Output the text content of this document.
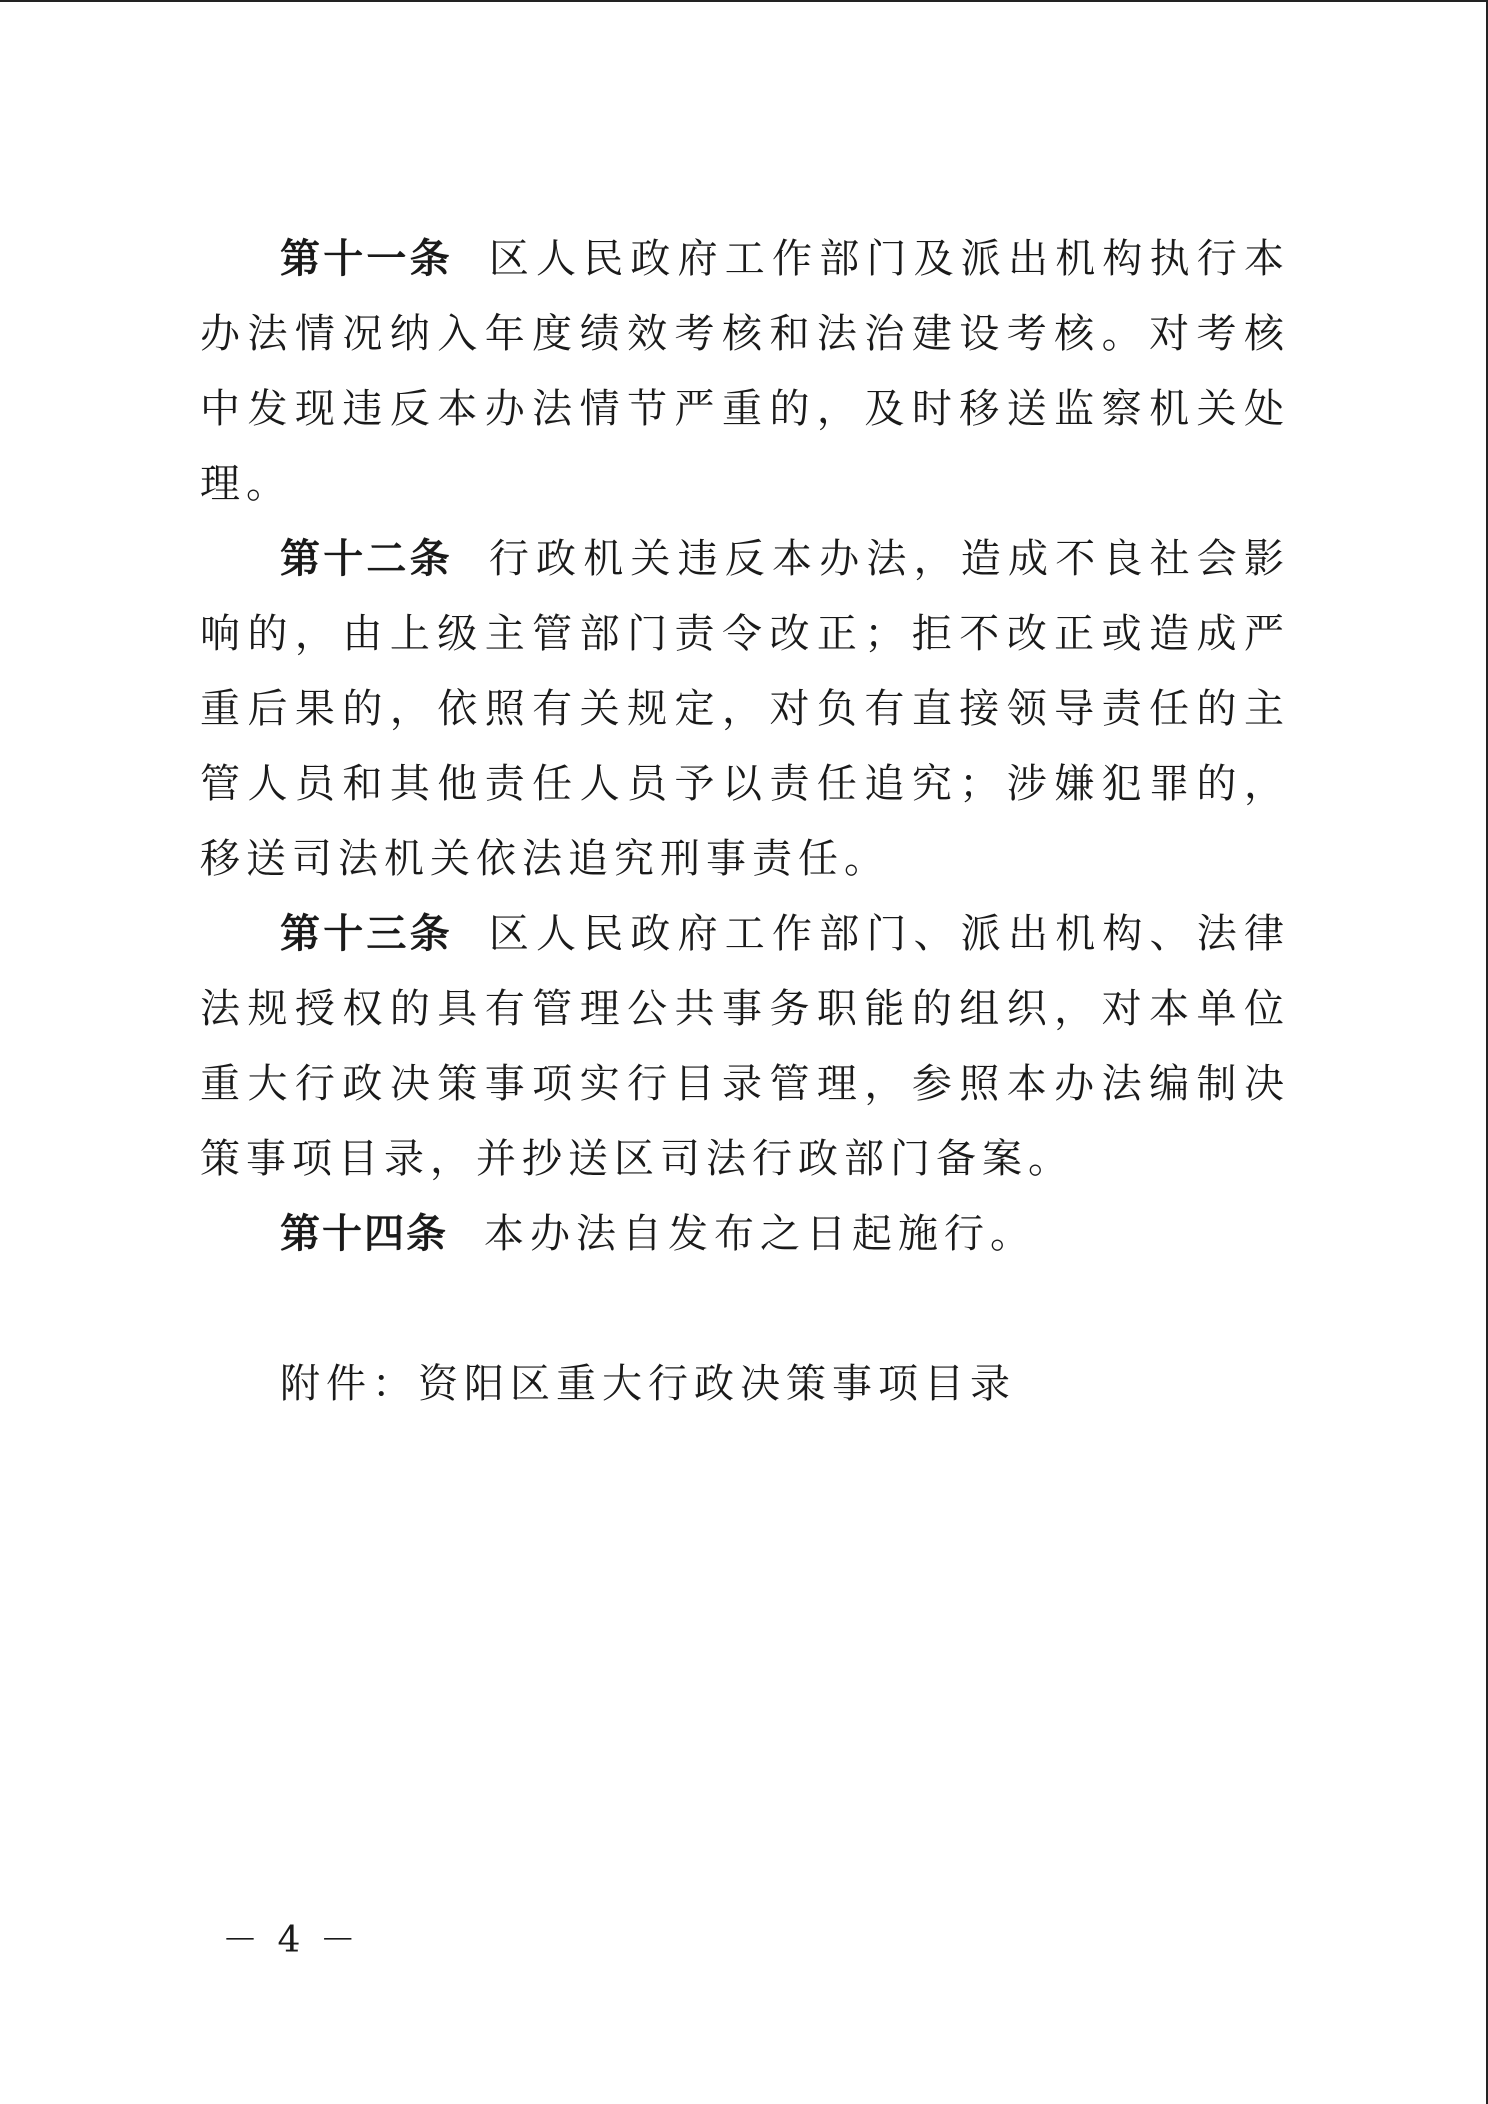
第十一条 区人民政府工作部门及派出机构执行本办法情况纳入年度绩效考核和法治建设考核。对考核中发现违反本办法情节严重的，及时移送监察机关处理。

第十二条 行政机关违反本办法，造成不良社会影响的，由上级主管部门责令改正；拒不改正或造成严重后果的，依照有关规定，对负有直接领导责任的主管人员和其他责任人员予以责任追究；涉嫌犯罪的，移送司法机关依法追究刑事责任。

第十三条 区人民政府工作部门、派出机构、法律法规授权的具有管理公共事务职能的组织，对本单位重大行政决策事项实行目录管理，参照本办法编制决策事项目录，并抄送区司法行政部门备案。

第十四条 本办法自发布之日起施行。

附件：资阳区重大行政决策事项目录

－ 4 －
